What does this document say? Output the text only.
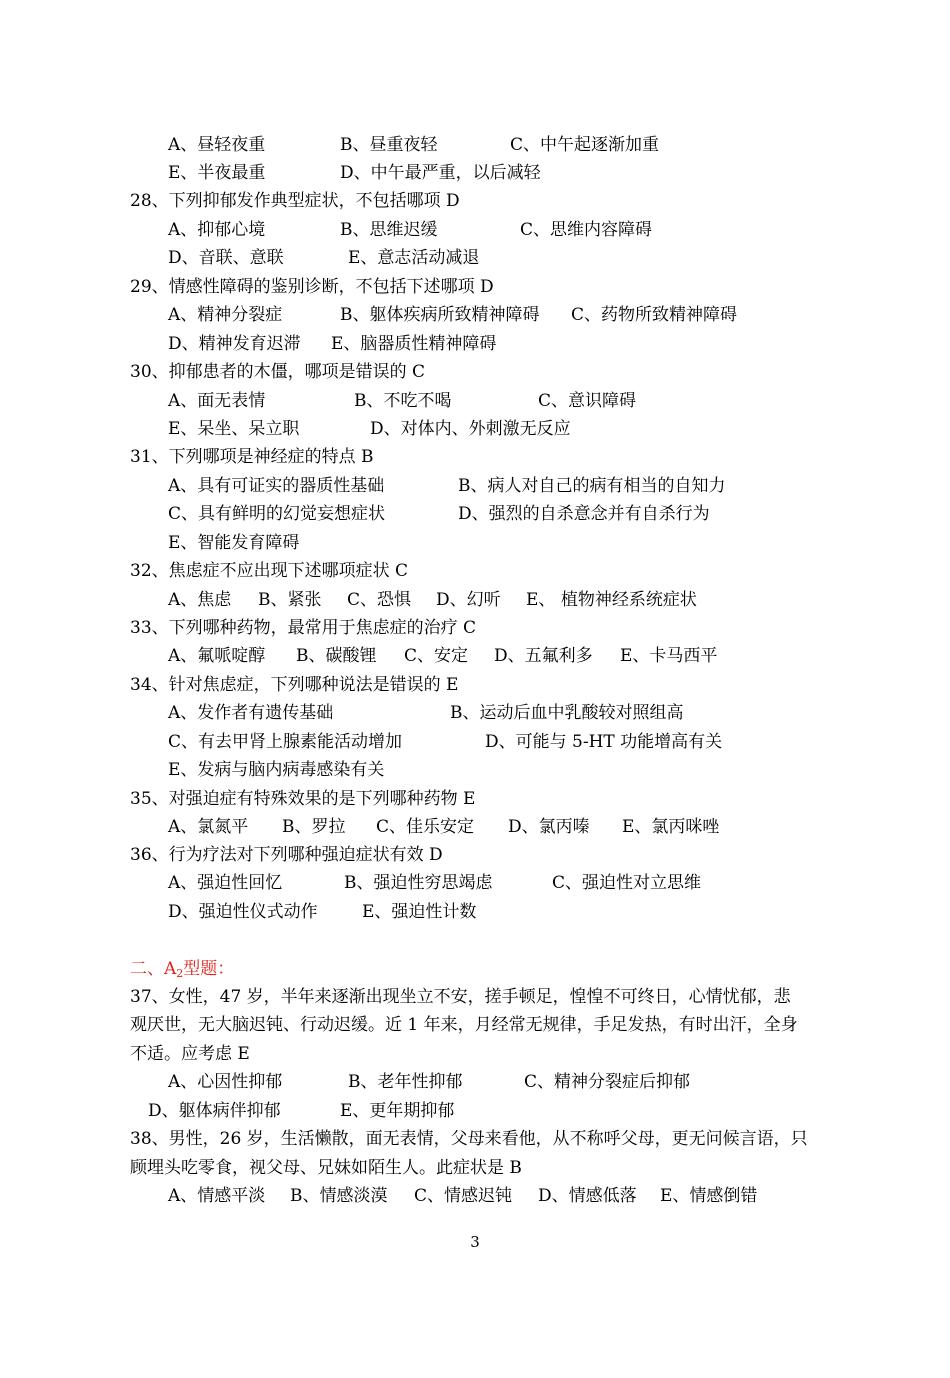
A、昼轻夜重

	B、昼重夜轻

	C、中午起逐渐加重

E、半夜最重

	D、中午最严重，以后减轻

28、下列抑郁发作典型症状，不包括哪项 D

A、抑郁心境

	B、思维迟缓

	C、思维内容障碍

D、音联、意联

	E、意志活动减退

29、情感性障碍的鉴别诊断，不包括下述哪项 D

A、精神分裂症

	B、躯体疾病所致精神障碍

C、药物所致精神障碍

D、精神发育迟滞

E、脑器质性精神障碍

30、抑郁患者的木僵，哪项是错误的 C

A、面无表情

	B、不吃不喝

	C、意识障碍

E、呆坐、呆立职

	D、对体内、外刺激无反应

31、下列哪项是神经症的特点 B

A、具有可证实的器质性基础

	B、病人对自己的病有相当的自知力

C、具有鲜明的幻觉妄想症状

	D、强烈的自杀意念并有自杀行为

E、智能发育障碍

32、焦虑症不应出现下述哪项症状 C

A、焦虑

B、紧张

C、恐惧

D、幻听

E、 植物神经系统症状

33、下列哪种药物，最常用于焦虑症的治疗 C

A、氟哌啶醇

B、碳酸锂

C、安定

D、五氟利多

E、卡马西平

34、针对焦虑症，下列哪种说法是错误的 E

A、发作者有遗传基础

	B、运动后血中乳酸较对照组高

C、有去甲肾上腺素能活动增加

	D、可能与 5-HT 功能增高有关

E、发病与脑内病毒感染有关

35、对强迫症有特殊效果的是下列哪种药物 E

A、氯氮平

B、罗拉

C、佳乐安定

D、氯丙嗪

E、氯丙咪唑

36、行为疗法对下列哪种强迫症状有效 D

A、强迫性回忆

	B、强迫性穷思竭虑

	C、强迫性对立思维

D、强迫性仪式动作

	E、强迫性计数

二、$A_2$型题：
37、女性，47 岁，半年来逐渐出现坐立不安，搓手顿足，惶惶不可终日，心情忧郁，悲
观厌世，无大脑迟钝、行动迟缓。近 1 年来，月经常无规律，手足发热，有时出汗，全身
不适。应考虑 E

A、心因性抑郁

	B、老年性抑郁

	C、精神分裂症后抑郁

D、躯体病伴抑郁

	E、更年期抑郁

38、男性，26 岁，生活懒散，面无表情，父母来看他，从不称呼父母，更无问候言语，只
顾埋头吃零食，视父母、兄妹如陌生人。此症状是 B

A、情感平淡

B、情感淡漠

C、情感迟钝

D、情感低落

E、情感倒错

3
